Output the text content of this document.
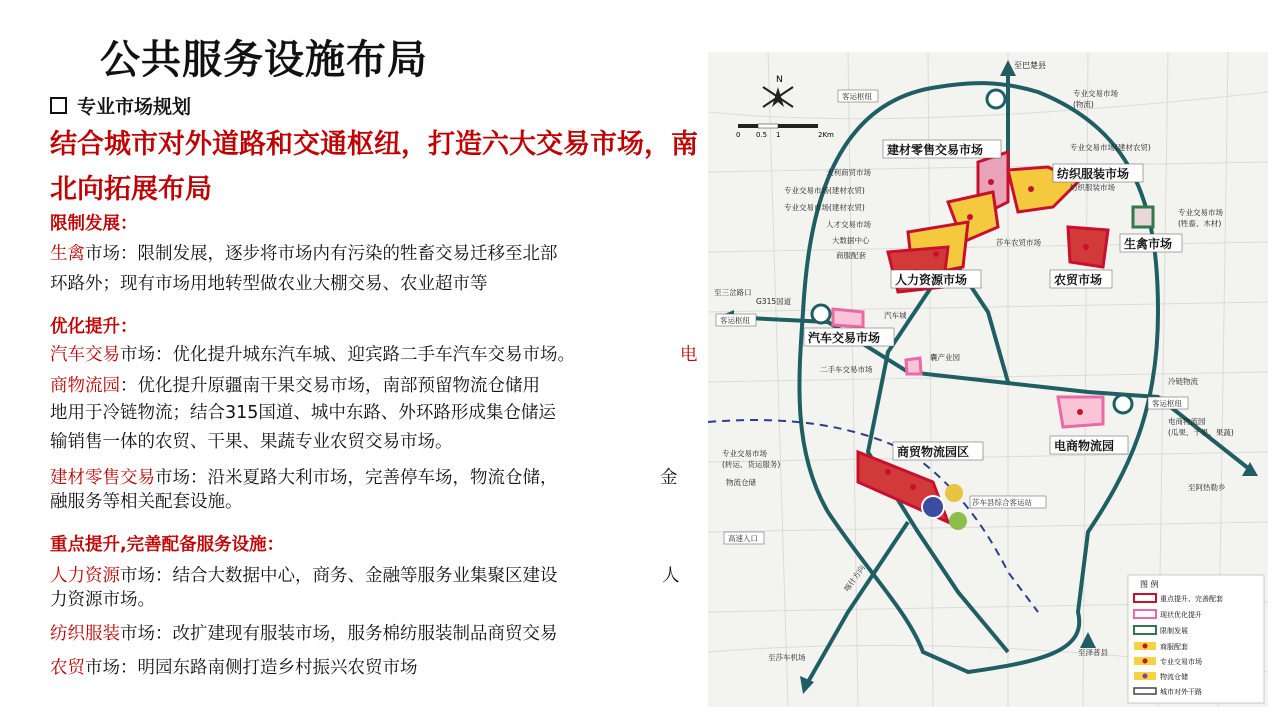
公共服务设施布局
专业市场规划
结合城市对外道路和交通枢纽，打造六大交易市场，南北向拓展布局
限制发展：
生禽市场：限制发展，逐步将市场内有污染的牲畜交易迁移至北部
环路外；现有市场用地转型做农业大棚交易、农业超市等
优化提升：
汽车交易市场：优化提升城东汽车城、迎宾路二手车汽车交易市场。	电
商物流园：优化提升原疆南干果交易市场，南部预留物流仓储用
地用于冷链物流；结合315国道、城中东路、外环路形成集仓储运
输销售一体的农贸、干果、果蔬专业农贸交易市场。
建材零售交易市场：沿米夏路大利市场，完善停车场，物流仓储，	金
融服务等相关配套设施。
重点提升,完善配备服务设施：
人力资源市场：结合大数据中心，商务、金融等服务业集聚区建设	人
力资源市场。
纺织服装市场：改扩建现有服装市场，服务棉纺服装制品商贸交易
农贸市场：明园东路南侧打造乡村振兴农贸市场
N
0 0.5 1	2Km
至巴楚县
建材零售交易市场
纺织服装市场
生禽市场
农贸市场
人力资源市场
汽车交易市场
商贸物流园区	电商物流园
大利商贸市场
专业交易市场(建材农贸)
专业交易市场(建材农贸)
人才交易市场
大数据中心
商服配套
专业交易市场
(物流)
专业交易市场(建材农贸)
纺织服装市场
专业交易市场
(牲畜、木材)
莎车农贸市场
客运枢纽
至三岔路口
G315国道
客运枢纽
汽车城
囊产业园
二手车交易市场
冷链物流
客运枢纽
电商物流园
(瓜果、干果、果蔬)
至阿热勒乡
专业交易市场
(转运、货运服务)
物流仓储
莎车县综合客运站
高速入口
至莎车机场
至泽普县
喀什方向	图 例
重点提升、完善配套
现状优化提升
限制发展
商服配套
专业交易市场
物流仓储
城市对外干路
